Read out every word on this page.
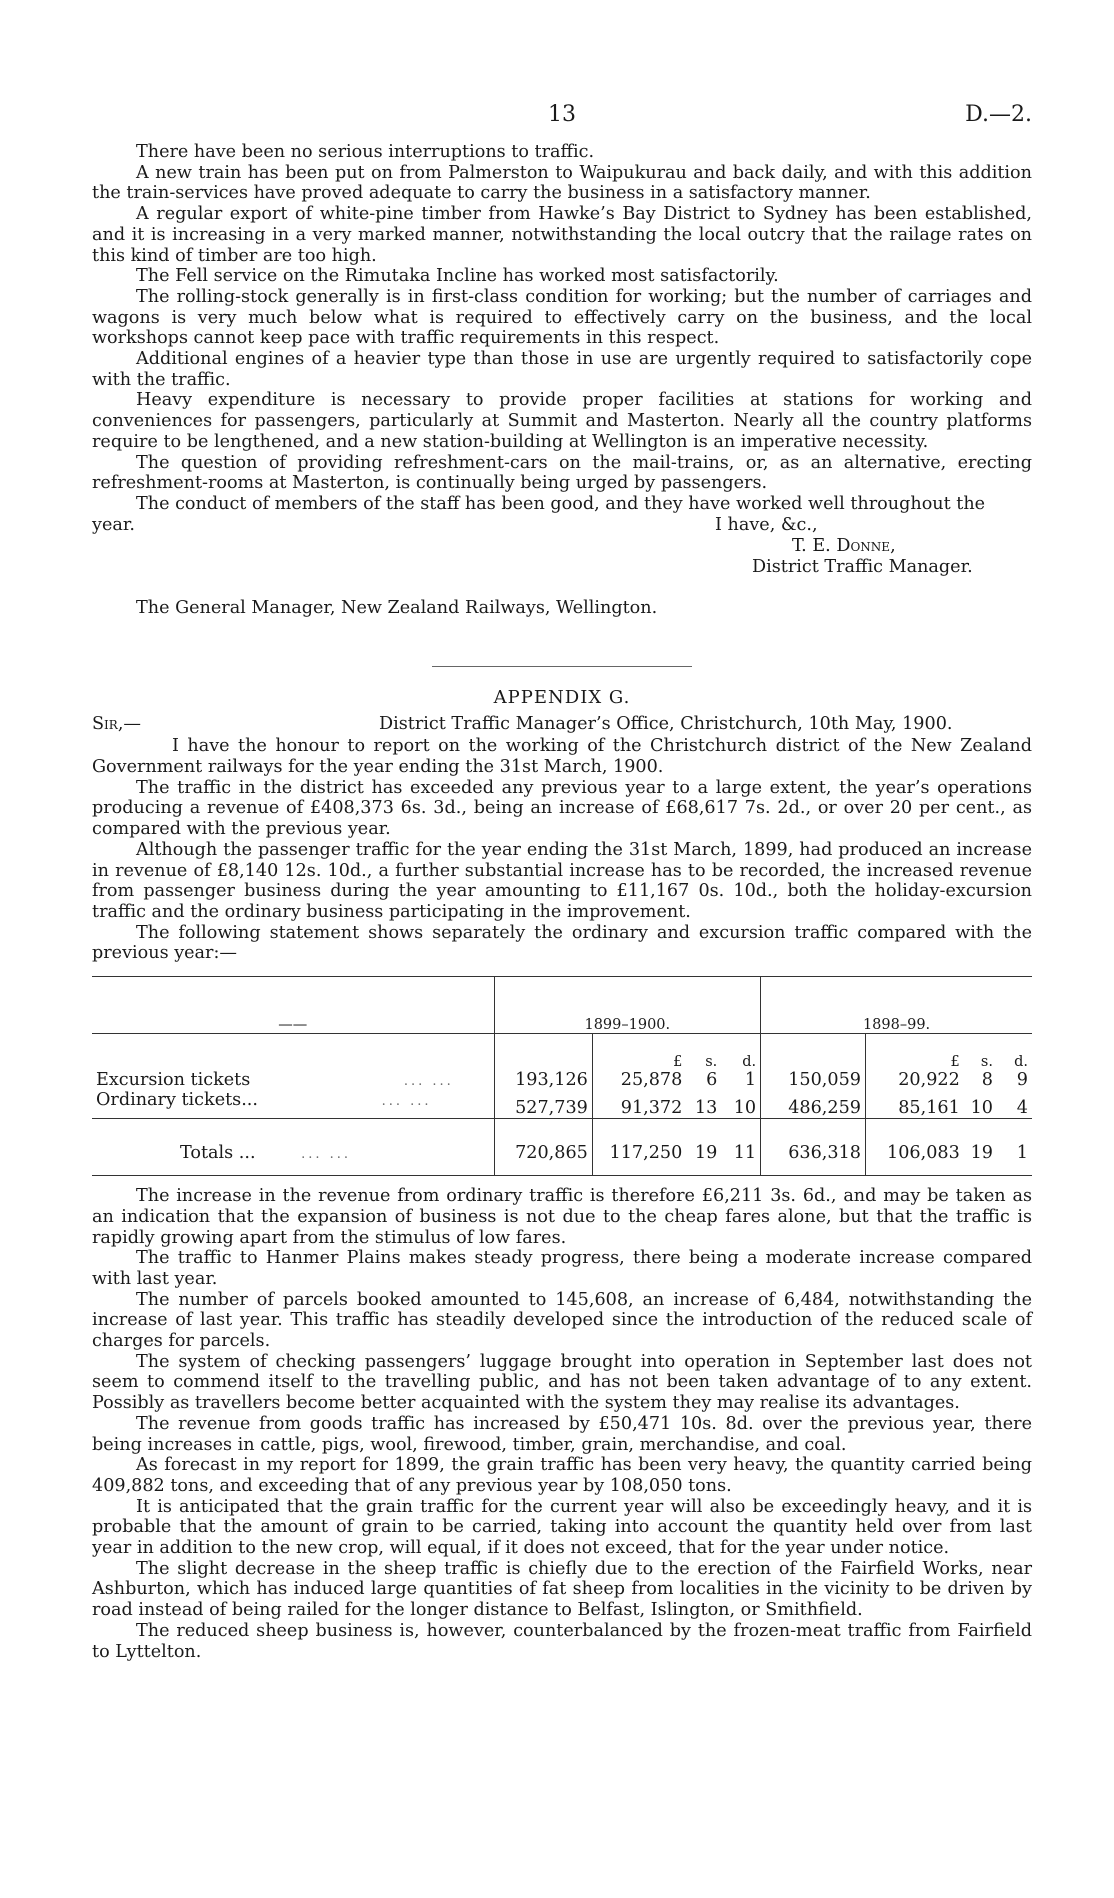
13	D.—2.

There have been no serious interruptions to traffic.

A new train has been put on from Palmerston to Waipukurau and back daily, and with this addition the train-services have proved adequate to carry the business in a satisfactory manner.

A regular export of white-pine timber from Hawke’s Bay District to Sydney has been established, and it is increasing in a very marked manner, notwithstanding the local outcry that the railage rates on this kind of timber are too high.

The Fell service on the Rimutaka Incline has worked most satisfactorily.

The rolling-stock generally is in first-class condition for working; but the number of carriages and wagons is very much below what is required to effectively carry on the business, and the local workshops cannot keep pace with traffic requirements in this respect.

Additional engines of a heavier type than those in use are urgently required to satisfactorily cope with the traffic.

Heavy expenditure is necessary to provide proper facilities at stations for working and conveniences for passengers, particularly at Summit and Masterton. Nearly all the country platforms require to be lengthened, and a new station-building at Wellington is an imperative necessity.

The question of providing refreshment-cars on the mail-trains, or, as an alternative, erecting refreshment-rooms at Masterton, is continually being urged by passengers.

The conduct of members of the staff has been good, and they have worked well throughout the

year.	I have, &c.,
T. E. Donne,
District Traffic Manager.

The General Manager, New Zealand Railways, Wellington.

APPENDIX G.
Sir,—	District Traffic Manager’s Office, Christchurch, 10th May, 1900.

I have the honour to report on the working of the Christchurch district of the New Zealand Government railways for the year ending the 31st March, 1900.

The traffic in the district has exceeded any previous year to a large extent, the year’s operations producing a revenue of £408,373 6s. 3d., being an increase of £68,617 7s. 2d., or over 20 per cent., as compared with the previous year.

Although the passenger traffic for the year ending the 31st March, 1899, had produced an increase in revenue of £8,140 12s. 10d., a further substantial increase has to be recorded, the increased revenue from passenger business during the year amounting to £11,167 0s. 10d., both the holiday-excursion traffic and the ordinary business participating in the improvement.

The following statement shows separately the ordinary and excursion traffic compared with the previous year:—

——	1899–1900.				1898–99.			

		£	s.	d.		£	s.	d.
Excursion tickets ... ...	193,126	25,878	6	1	150,059	20,922	8	9
Ordinary tickets... ... ...	527,739	91,372	13	10	486,259	85,161	10	4
Totals ... ... ...	720,865	117,250	19	11	636,318	106,083	19	1

The increase in the revenue from ordinary traffic is therefore £6,211 3s. 6d., and may be taken as an indication that the expansion of business is not due to the cheap fares alone, but that the traffic is rapidly growing apart from the stimulus of low fares.

The traffic to Hanmer Plains makes steady progress, there being a moderate increase compared with last year.

The number of parcels booked amounted to 145,608, an increase of 6,484, notwithstanding the increase of last year. This traffic has steadily developed since the introduction of the reduced scale of charges for parcels.

The system of checking passengers’ luggage brought into operation in September last does not seem to commend itself to the travelling public, and has not been taken advantage of to any extent. Possibly as travellers become better acquainted with the system they may realise its advantages.

The revenue from goods traffic has increased by £50,471 10s. 8d. over the previous year, there being increases in cattle, pigs, wool, firewood, timber, grain, merchandise, and coal.

As forecast in my report for 1899, the grain traffic has been very heavy, the quantity carried being 409,882 tons, and exceeding that of any previous year by 108,050 tons.

It is anticipated that the grain traffic for the current year will also be exceedingly heavy, and it is probable that the amount of grain to be carried, taking into account the quantity held over from last year in addition to the new crop, will equal, if it does not exceed, that for the year under notice.

The slight decrease in the sheep traffic is chiefly due to the erection of the Fairfield Works, near Ashburton, which has induced large quantities of fat sheep from localities in the vicinity to be driven by road instead of being railed for the longer distance to Belfast, Islington, or Smithfield.

The reduced sheep business is, however, counterbalanced by the frozen-meat traffic from Fairfield to Lyttelton.
